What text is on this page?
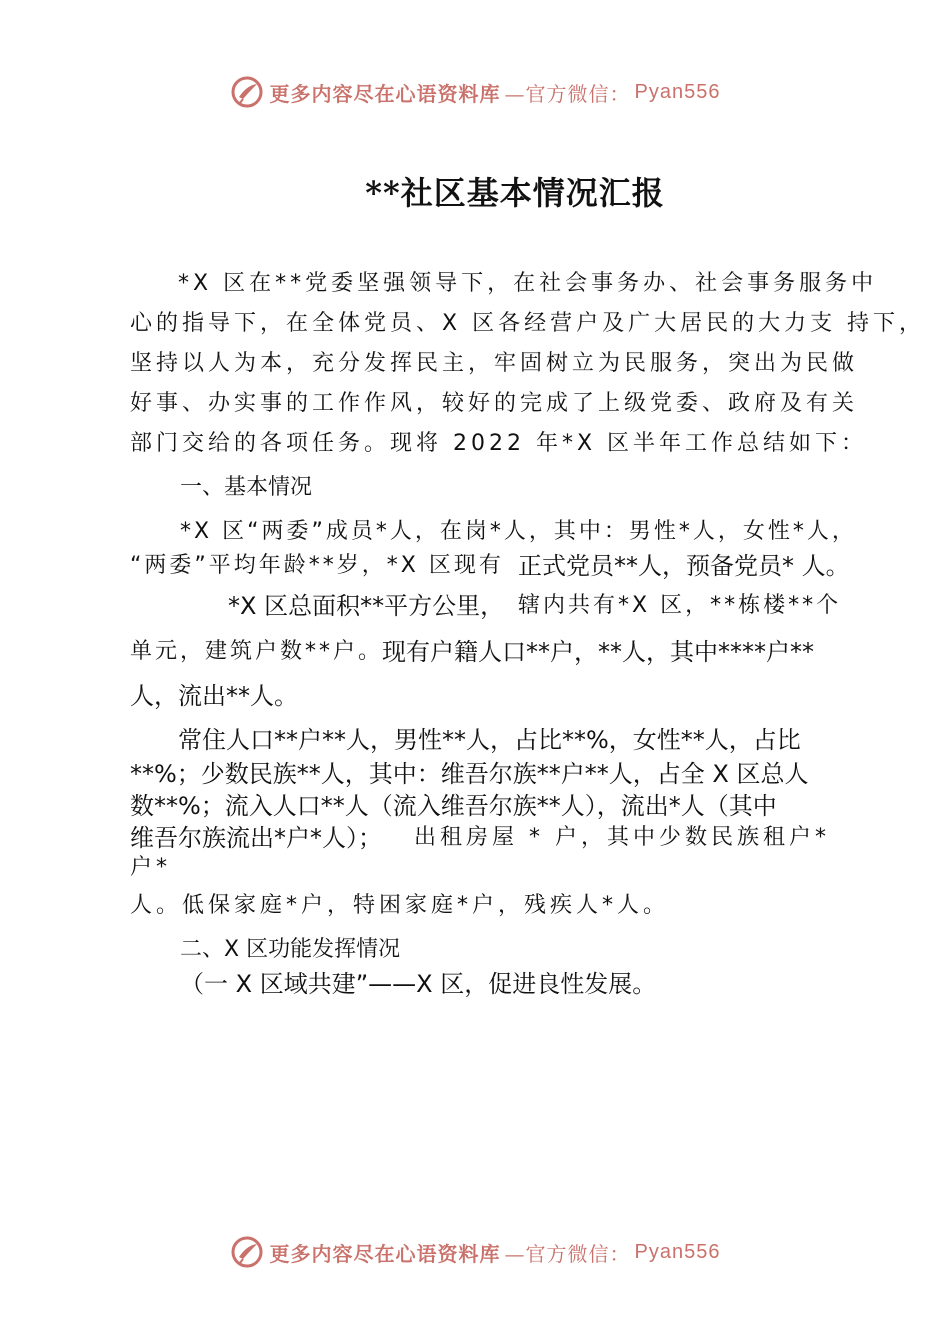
更多内容尽在心语资料库 —官方微信： Pyan556
**社区基本情况汇报
*X 区在**党委坚强领导下，在社会事务办、社会事务服务中
心的指导下，在全体党员、X 区各经营户及广大居民的大力支 持下，
坚持以人为本，充分发挥民主，牢固树立为民服务，突出为民做
好事、办实事的工作作风，较好的完成了上级党委、政府及有关
部门交给的各项任务。现将 2022 年*X 区半年工作总结如下：
一、基本情况
*X 区“两委”成员*人，在岗*人，其中：男性*人，女性*人，
“两委”平均年龄**岁，*X 区现有 正式党员**人，预备党员* 人。
*X 区总面积**平方公里， 辖内共有*X 区，**栋楼**个
单元，建筑户数**户。
现有户籍人口**户，**人，其中****户**
人，流出**人。
常住人口**户**人，男性**人，占比**%，女性**人，占比
**%；少数民族**人，其中：维吾尔族**户**人，占全 X 区总人
数**%；流入人口**人（流入维吾尔族**人），流出*人（其中
维吾尔族流出*户*人）； 出租房屋 * 户，其中少数民族租户*
户*
人。低保家庭*户，特困家庭*户，残疾人*人。
二、X 区功能发挥情况
（一 X 区域共建”——X 区，促进良性发展。
更多内容尽在心语资料库 —官方微信： Pyan556
